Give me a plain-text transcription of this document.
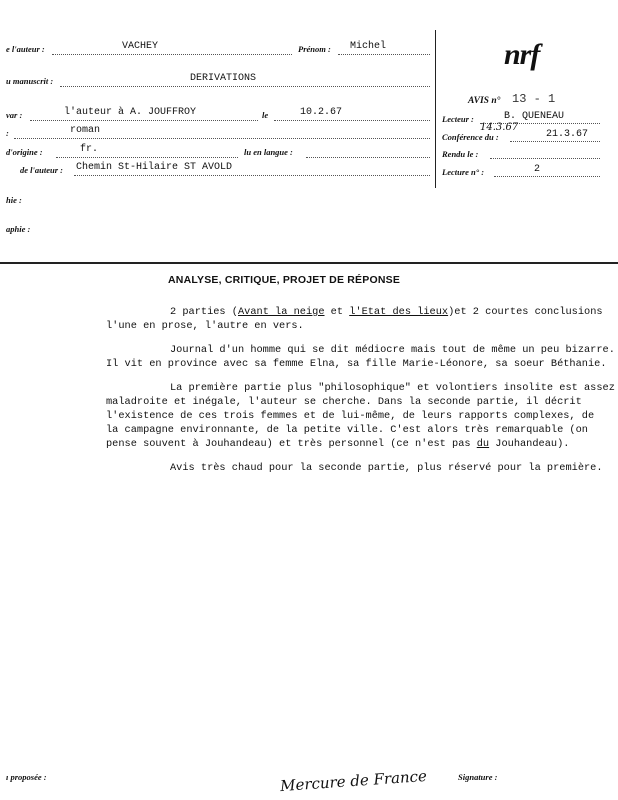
e l'auteur :	VACHEY	Prénom : Michel
u manuscrit :	DERIVATIONS
var :	l'auteur à A. JOUFFROY	le	10.2.67
:	roman
d'origine :	fr.	lu en langue :
de l'auteur : Chemin St-Hilaire ST AVOLD
hie :
aphie :
nrf
AVIS n° 13 - 1
Lecteur :	B. QUENEAU
14.3.67
Conférence du :	21.3.67
Rendu le :
Lecture n° :	2
ANALYSE, CRITIQUE, PROJET DE RÉPONSE
2 parties (Avant la neige et l'Etat des lieux)et 2 courtes conclusions
l'une en prose, l'autre en vers.
Journal d'un homme qui se dit médiocre mais tout de même un peu bizarre.
Il vit en province avec sa femme Elna, sa fille Marie-Léonore, sa soeur Béthanie.
La première partie plus "philosophique" et volontiers insolite est assez
maladroite et inégale, l'auteur se cherche. Dans la seconde partie, il décrit
l'existence de ces trois femmes et de lui-même, de leurs rapports complexes, de
la campagne environnante, de la petite ville. C'est alors très remarquable (on
pense souvent à Jouhandeau) et très personnel (ce n'est pas du Jouhandeau).
Avis très chaud pour la seconde partie, plus réservé pour la première.
ı proposée :	Mercure de France	Signature :
